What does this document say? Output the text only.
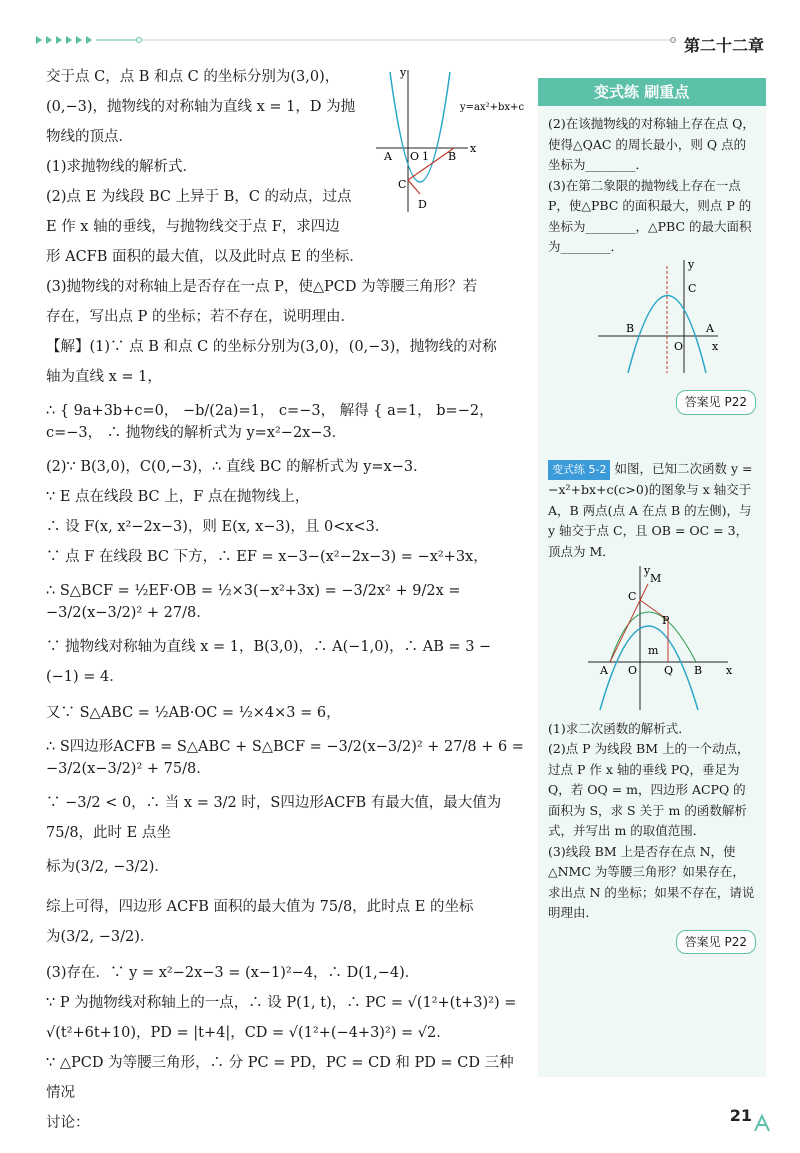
第二十二章

交于点 C，点 B 和点 C 的坐标分别为(3,0)，

(0,−3)，抛物线的对称轴为直线 x = 1，D 为抛

物线的顶点．

(1)求抛物线的解析式．

(2)点 E 为线段 BC 上异于 B，C 的动点，过点

E 作 x 轴的垂线，与抛物线交于点 F，求四边

形 ACFB 面积的最大值，以及此时点 E 的坐标．

(3)抛物线的对称轴上是否存在一点 P，使△PCD 为等腰三角形？若

存在，写出点 P 的坐标；若不存在，说明理由．

【解】(1)∵ 点 B 和点 C 的坐标分别为(3,0)，(0,−3)，抛物线的对称

轴为直线 x = 1，

∴ { 9a+3b+c=0， −b/(2a)=1， c=−3， 解得 { a=1， b=−2， c=−3， ∴ 抛物线的解析式为 y=x²−2x−3．

(2)∵ B(3,0)，C(0,−3)，∴ 直线 BC 的解析式为 y=x−3．

∵ E 点在线段 BC 上，F 点在抛物线上，

∴ 设 F(x, x²−2x−3)，则 E(x, x−3)，且 0<x<3．

∵ 点 F 在线段 BC 下方，∴ EF = x−3−(x²−2x−3) = −x²+3x，

∴ S△BCF = ½EF·OB = ½×3(−x²+3x) = −3/2x² + 9/2x = −3/2(x−3/2)² + 27/8．

∵ 抛物线对称轴为直线 x = 1，B(3,0)，∴ A(−1,0)，∴ AB = 3 −

(−1) = 4．

又∵ S△ABC = ½AB·OC = ½×4×3 = 6，

∴ S四边形ACFB = S△ABC + S△BCF = −3/2(x−3/2)² + 27/8 + 6 = −3/2(x−3/2)² + 75/8．

∵ −3/2 < 0，∴ 当 x = 3/2 时，S四边形ACFB 有最大值，最大值为 75/8，此时 E 点坐

标为(3/2, −3/2)．

综上可得，四边形 ACFB 面积的最大值为 75/8，此时点 E 的坐标

为(3/2, −3/2)．

(3)存在．∵ y = x²−2x−3 = (x−1)²−4，∴ D(1,−4)．

∵ P 为抛物线对称轴上的一点，∴ 设 P(1, t)，∴ PC = √(1²+(t+3)²) =

√(t²+6t+10)，PD = |t+4|，CD = √(1²+(−4+3)²) = √2．

∵ △PCD 为等腰三角形，∴ 分 PC = PD，PC = CD 和 PD = CD 三种情况

讨论：

y
x
A O 1 B
C
D
y=ax²+bx+c
变式练 刷重点

(2)在该抛物线的对称轴上存在点 Q，使得△QAC 的周长最小，则 Q 点的坐标为________．

(3)在第二象限的抛物线上存在一点 P，使△PBC 的面积最大，则点 P 的坐标为________，△PBC 的最大面积为________．

y
x
C
B
O
A
答案见 P22

变式练 5-2 如图，已知二次函数 y = −x²+bx+c(c>0)的图象与 x 轴交于 A，B 两点(点 A 在点 B 的左侧)，与 y 轴交于点 C，且 OB = OC = 3，顶点为 M．

y
x
M
C
P
m
A O Q B

(1)求二次函数的解析式．

(2)点 P 为线段 BM 上的一个动点，过点 P 作 x 轴的垂线 PQ，垂足为 Q，若 OQ = m，四边形 ACPQ 的面积为 S，求 S 关于 m 的函数解析式，并写出 m 的取值范围．

(3)线段 BM 上是否存在点 N，使△NMC 为等腰三角形？如果存在，求出点 N 的坐标；如果不存在，请说明理由．

答案见 P22
21
